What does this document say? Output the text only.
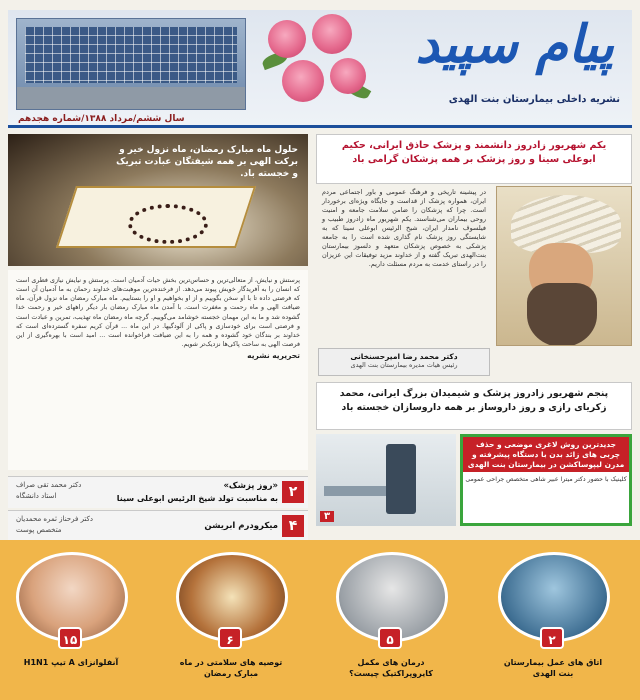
پیام سپید
نشریه داخلی بیمارستان بنت الهدی
سال ششم/مرداد ۱۳۸۸/شماره هجدهم
حلول ماه مبارک رمضان، ماه نزول خیر و برکت الهی بر همه شیفتگان عبادت تبریک و خجسته باد.
پرستش و نیایش، از متعالی‌ترین و حساس‌ترین بخش حیات آدمیان است. پرستش و نیایش نیازی فطری است که انسان را به آفریدگار خویش پیوند می‌دهد. از فرخنده‌ترین موهبت‌های خداوند رحمان به ما آدمیان آن است که فرصتی داده تا با او سخن بگوییم و از او بخواهیم و او را بستاییم. ماه مبارک رمضان ماه نزول قرآن، ماه ضیافت الهی و ماه رحمت و مغفرت است. با آمدن ماه مبارک رمضان بار دیگر راههای خیر و رحمت خدا گشوده شد و ما به این مهمان خجسته خوشامد می‌گوییم. گرچه ماه رمضان ماه تهذیب، تمرین و عبادت است و فرصتی است برای خودسازی و پاکی از آلودگیها. در این ماه ... قرآن کریم سفره گسترده‌ای است که خداوند بر بندگان خود گشوده و همه را به این ضیافت فراخوانده است ... امید است با بهره‌گیری از این فرصت الهی به ساحت پاکی‌ها نزدیک‌تر شویم.
تحریریه نشریه
۲
«روز پزشک»
به مناسبت تولد شیخ الرئیس ابوعلی سینا
دکتر محمد تقی صراف
استاد دانشگاه
۴
میکرودرم ابریشن
دکتر فرحناز ثمره محمدیان
متخصص پوست
یکم شهریور زادروز دانشمند و پزشک حاذق ایرانی، حکیم ابوعلی سینا و روز پزشک بر همه پزشکان گرامی باد
در پیشینه تاریخی و فرهنگ عمومی و باور اجتماعی مردم ایران، همواره پزشک از قداست و جایگاه ویژه‌ای برخوردار است. چرا که پزشکان را ضامن سلامت جامعه و امنیت روحی بیماران می‌شناسند. یکم شهریور ماه زادروز طبیب و فیلسوف نامدار ایران، شیخ الرئیس ابوعلی سینا که به شایستگی روز پزشک نام گذاری شده است را به جامعه پزشکی به خصوص پزشکان متعهد و دلسوز بیمارستان بنت‌الهدی تبریک گفته و از خداوند مزید توفیقات این عزیزان را در راستای خدمت به مردم مسئلت داریم.
دکتر محمد رضا امیرحسنخانی
رئیس هیات مدیره بیمارستان بنت الهدی
پنجم شهریور زادروز پزشک و شیمیدان بزرگ ایرانی، محمد زکریای رازی و روز داروساز بر همه داروسازان خجسته باد
۳
جدیدترین روش لاغری موضعی و حذف چربی های زائد بدن با دستگاه پیشرفته و مدرن لیپوساکشن در بیمارستان بنت الهدی
کلینیک با حضور دکتر میترا عبیر شاهی متخصص جراحی عمومی
۲
۵
۶
۱۵
اتاق های عمل بیمارستان بنت الهدی
درمان های مکمل کایروپراکتیک چیست؟
توصیه های سلامتی در ماه مبارک رمضان
آنفلوانزای A تیپ H1N1
